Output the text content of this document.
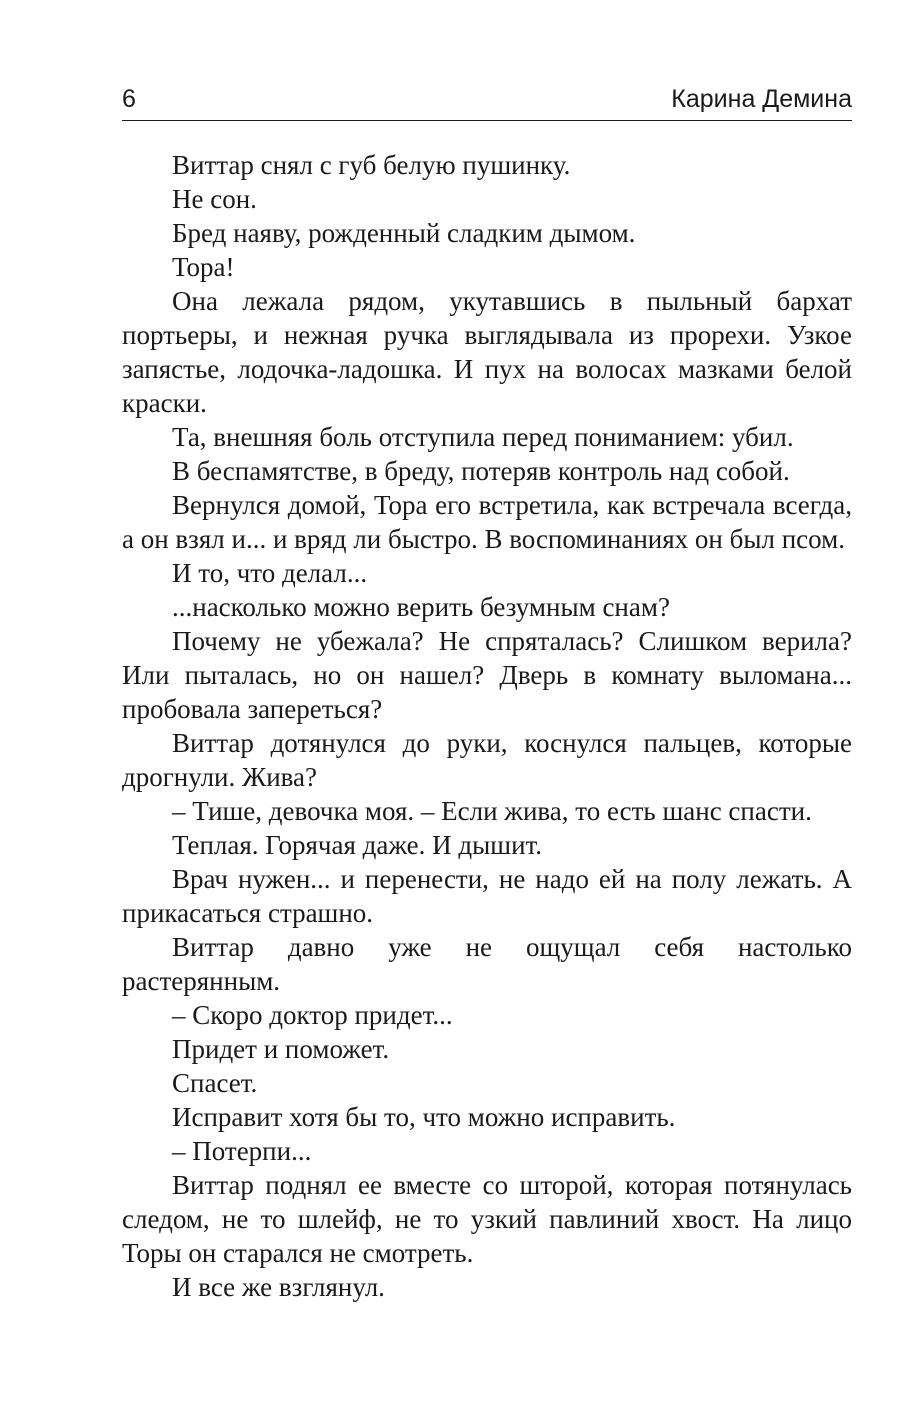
6	Карина Демина

Виттар снял с губ белую пушинку.

Не сон.

Бред наяву, рожденный сладким дымом.

Тора!

Она лежала рядом, укутавшись в пыльный бархат портьеры, и нежная ручка выглядывала из прорехи. Узкое запястье, лодочка-ладошка. И пух на волосах мазками белой краски.

Та, внешняя боль отступила перед пониманием: убил.

В беспамятстве, в бреду, потеряв контроль над собой.

Вернулся домой, Тора его встретила, как встречала всегда, а он взял и... и вряд ли быстро. В воспоминаниях он был псом.

И то, что делал...

...насколько можно верить безумным снам?

Почему не убежала? Не спряталась? Слишком верила? Или пыталась, но он нашел? Дверь в комнату выломана... пробовала запереться?

Виттар дотянулся до руки, коснулся пальцев, которые дрогнули. Жива?

– Тише, девочка моя. – Если жива, то есть шанс спасти.

Теплая. Горячая даже. И дышит.

Врач нужен... и перенести, не надо ей на полу лежать. А прикасаться страшно.

Виттар давно уже не ощущал себя настолько растерянным.

– Скоро доктор придет...

Придет и поможет.

Спасет.

Исправит хотя бы то, что можно исправить.

– Потерпи...

Виттар поднял ее вместе со шторой, которая потянулась следом, не то шлейф, не то узкий павлиний хвост. На лицо Торы он старался не смотреть.

И все же взглянул.
